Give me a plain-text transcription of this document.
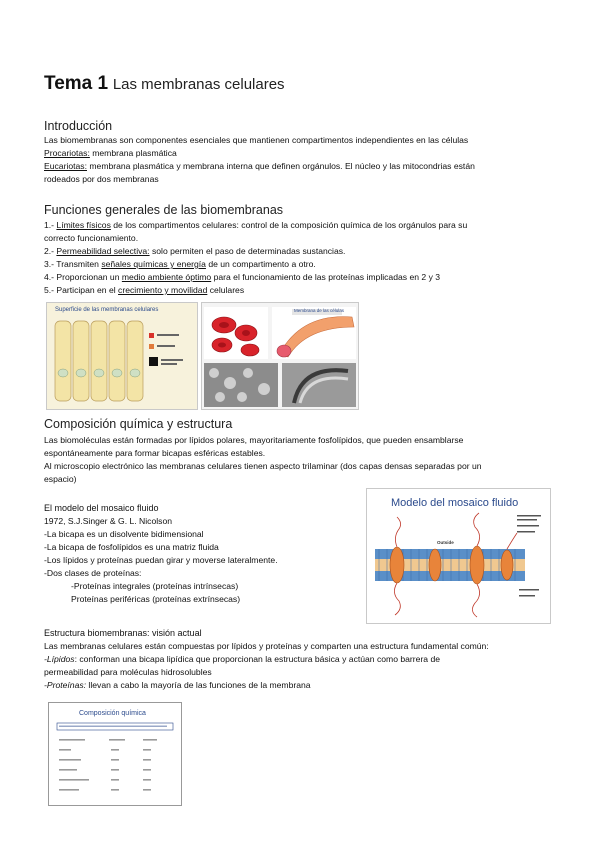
Tema 1 Las membranas celulares
Introducción

Las biomembranas son componentes esenciales que mantienen compartimentos independientes en las células

Procariotas: membrana plasmática

Eucariotas: membrana plasmática y membrana interna que definen orgánulos. El núcleo y las mitocondrias están

rodeados por dos membranas

Funciones generales de las biomembranas

1.- Límites físicos de los compartimentos celulares: control de la composición química de los orgánulos para su

correcto funcionamiento.

2.- Permeabilidad selectiva: solo permiten el paso de determinadas sustancias.

3.- Transmiten señales químicas y energía de un compartimento a otro.

4.- Proporcionan un medio ambiente óptimo para el funcionamiento de las proteínas implicadas en 2 y 3

5.- Participan en el crecimiento y movilidad celulares

Superficie de las membranas celulares	Membrana de las células
Composición química y estructura

Las biomoléculas están formadas por lípidos polares, mayoritariamente fosfolípidos, que pueden ensamblarse

espontáneamente para formar bicapas esféricas estables.

Al microscopio electrónico las membranas celulares tienen aspecto trilaminar (dos capas densas separadas por un

espacio)

El modelo del mosaico fluido

1972, S.J.Singer & G. L. Nicolson

-La bicapa es un disolvente bidimensional

-La bicapa de fosfolípidos es una matriz fluida

-Los lípidos y proteínas puedan girar y moverse lateralmente.

-Dos clases de proteínas:

-Proteínas integrales (proteínas intrínsecas)

Proteínas periféricas (proteínas extrínsecas)

Modelo del mosaico fluido
Outside

Estructura biomembranas: visión actual

Las membranas celulares están compuestas por lípidos y proteínas y comparten una estructura fundamental común:

-Lípidos: conforman una bicapa lipídica que proporcionan la estructura básica y actúan como barrera de

permeabilidad para moléculas hidrosolubles

-Proteínas: llevan a cabo la mayoría de las funciones de la membrana

Composición química
